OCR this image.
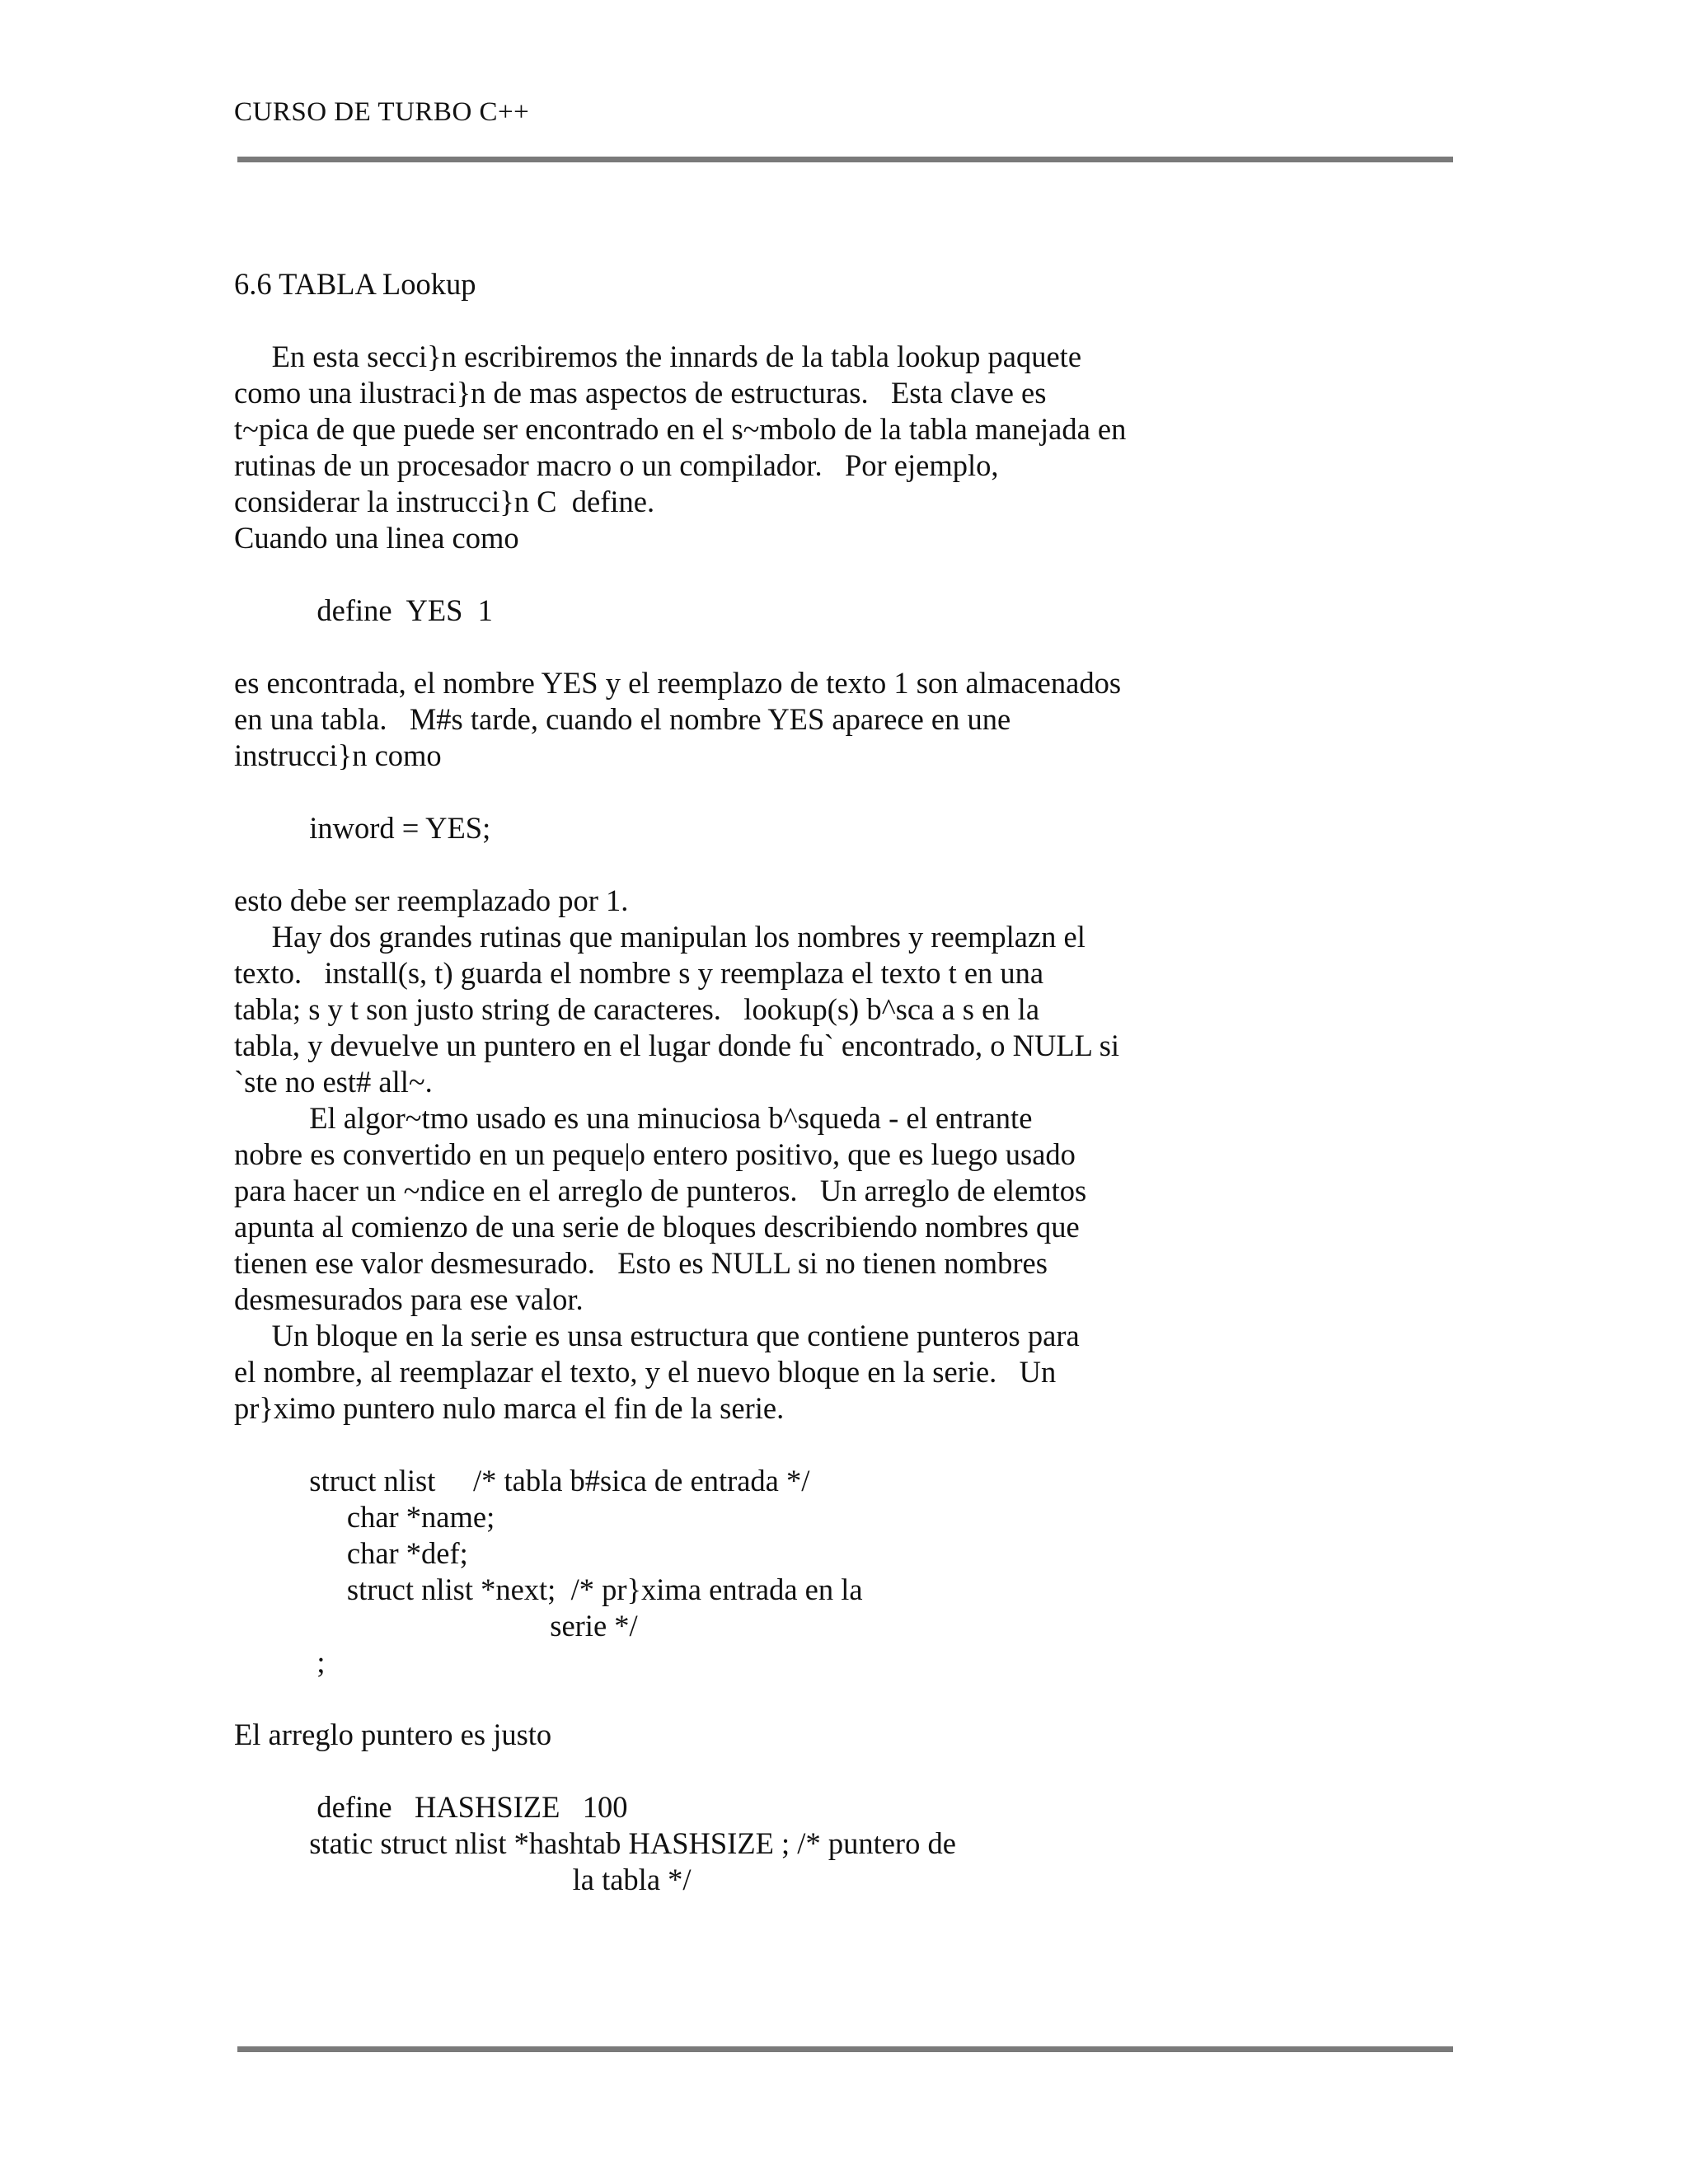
CURSO DE TURBO C++
6.6 TABLA Lookup
En esta secci}n escribiremos the innards de la tabla lookup paquete
como una ilustraci}n de mas aspectos de estructuras.   Esta clave es
t~pica de que puede ser encontrado en el s~mbolo de la tabla manejada en
rutinas de un procesador macro o un compilador.   Por ejemplo,
considerar la instrucci}n C  define.
Cuando una linea como
define  YES  1
es encontrada, el nombre YES y el reemplazo de texto 1 son almacenados
en una tabla.   M#s tarde, cuando el nombre YES aparece en une
instrucci}n como
inword = YES;
esto debe ser reemplazado por 1.
Hay dos grandes rutinas que manipulan los nombres y reemplazn el
texto.   install(s, t) guarda el nombre s y reemplaza el texto t en una
tabla; s y t son justo string de caracteres.   lookup(s) b^sca a s en la
tabla, y devuelve un puntero en el lugar donde fu` encontrado, o NULL si
`ste no est# all~.
El algor~tmo usado es una minuciosa b^squeda - el entrante
nobre es convertido en un peque|o entero positivo, que es luego usado
para hacer un ~ndice en el arreglo de punteros.   Un arreglo de elemtos
apunta al comienzo de una serie de bloques describiendo nombres que
tienen ese valor desmesurado.   Esto es NULL si no tienen nombres
desmesurados para ese valor.
Un bloque en la serie es unsa estructura que contiene punteros para
el nombre, al reemplazar el texto, y el nuevo bloque en la serie.   Un
pr}ximo puntero nulo marca el fin de la serie.
struct nlist     /* tabla b#sica de entrada */
char *name;
char *def;
struct nlist *next;  /* pr}xima entrada en la
serie */
;
El arreglo puntero es justo
define   HASHSIZE   100
static struct nlist *hashtab HASHSIZE ; /* puntero de
la tabla */
